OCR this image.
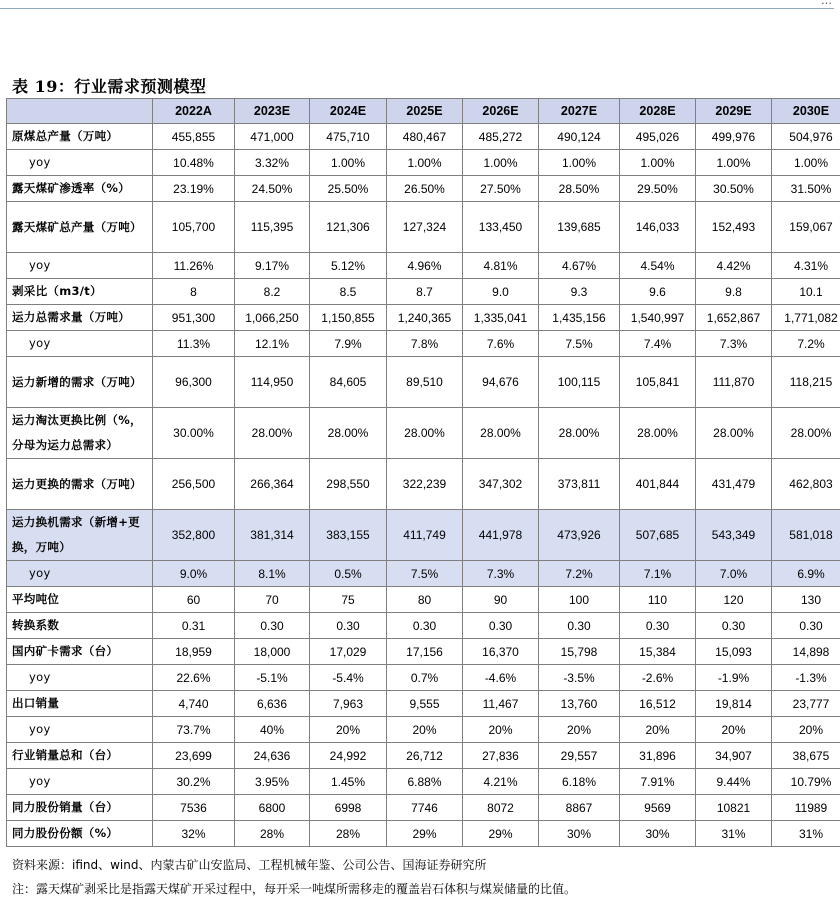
…
表 19：行业需求预测模型
	2022A	2023E	2024E	2025E	2026E	2027E	2028E	2029E	2030E
原煤总产量（万吨）	455,855	471,000	475,710	480,467	485,272	490,124	495,026	499,976	504,976
yoy	10.48%	3.32%	1.00%	1.00%	1.00%	1.00%	1.00%	1.00%	1.00%
露天煤矿渗透率（%）	23.19%	24.50%	25.50%	26.50%	27.50%	28.50%	29.50%	30.50%	31.50%
露天煤矿总产量（万吨）	105,700	115,395	121,306	127,324	133,450	139,685	146,033	152,493	159,067
yoy	11.26%	9.17%	5.12%	4.96%	4.81%	4.67%	4.54%	4.42%	4.31%
剥采比（m3/t）	8	8.2	8.5	8.7	9.0	9.3	9.6	9.8	10.1
运力总需求量（万吨）	951,300	1,066,250	1,150,855	1,240,365	1,335,041	1,435,156	1,540,997	1,652,867	1,771,082
yoy	11.3%	12.1%	7.9%	7.8%	7.6%	7.5%	7.4%	7.3%	7.2%
运力新增的需求（万吨）	96,300	114,950	84,605	89,510	94,676	100,115	105,841	111,870	118,215
运力淘汰更换比例（%，分母为运力总需求）	30.00%	28.00%	28.00%	28.00%	28.00%	28.00%	28.00%	28.00%	28.00%
运力更换的需求（万吨）	256,500	266,364	298,550	322,239	347,302	373,811	401,844	431,479	462,803
运力换机需求（新增+更换，万吨）	352,800	381,314	383,155	411,749	441,978	473,926	507,685	543,349	581,018
yoy	9.0%	8.1%	0.5%	7.5%	7.3%	7.2%	7.1%	7.0%	6.9%
平均吨位	60	70	75	80	90	100	110	120	130
转换系数	0.31	0.30	0.30	0.30	0.30	0.30	0.30	0.30	0.30
国内矿卡需求（台）	18,959	18,000	17,029	17,156	16,370	15,798	15,384	15,093	14,898
yoy	22.6%	-5.1%	-5.4%	0.7%	-4.6%	-3.5%	-2.6%	-1.9%	-1.3%
出口销量	4,740	6,636	7,963	9,555	11,467	13,760	16,512	19,814	23,777
yoy	73.7%	40%	20%	20%	20%	20%	20%	20%	20%
行业销量总和（台）	23,699	24,636	24,992	26,712	27,836	29,557	31,896	34,907	38,675
yoy	30.2%	3.95%	1.45%	6.88%	4.21%	6.18%	7.91%	9.44%	10.79%
同力股份销量（台）	7536	6800	6998	7746	8072	8867	9569	10821	11989
同力股份份额（%）	32%	28%	28%	29%	29%	30%	30%	31%	31%
资料来源：ifind、wind、内蒙古矿山安监局、工程机械年鉴、公司公告、国海证券研究所
注：露天煤矿剥采比是指露天煤矿开采过程中，每开采一吨煤所需移走的覆盖岩石体积与煤炭储量的比值。
